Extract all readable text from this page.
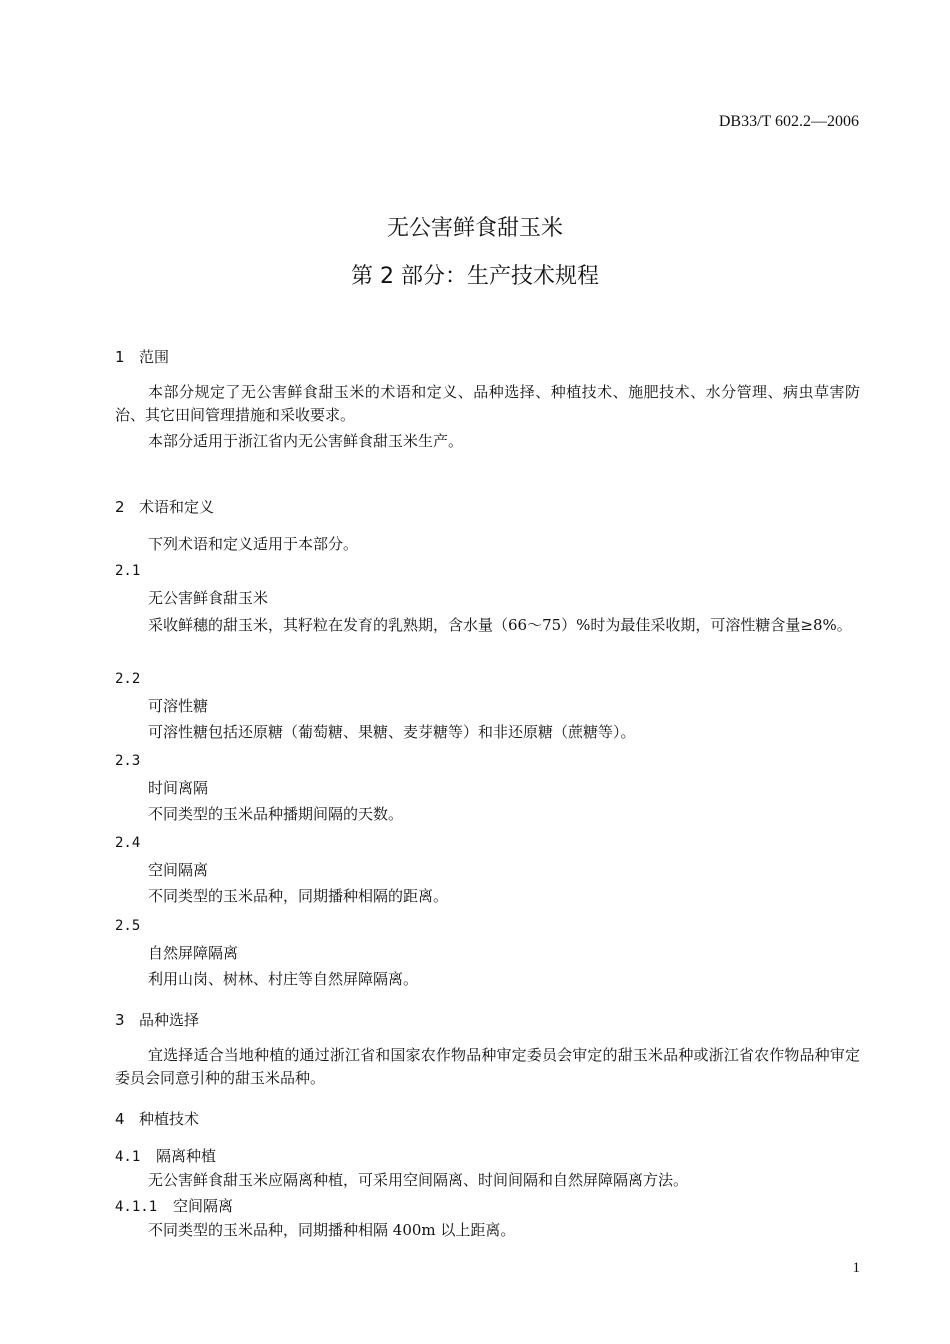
DB33/T 602.2—2006
无公害鲜食甜玉米
第 2 部分：生产技术规程
1 范围
本部分规定了无公害鲜食甜玉米的术语和定义、品种选择、种植技术、施肥技术、水分管理、病虫草害防治、其它田间管理措施和采收要求。
本部分适用于浙江省内无公害鲜食甜玉米生产。
2 术语和定义
下列术语和定义适用于本部分。
2.1
无公害鲜食甜玉米
采收鲜穗的甜玉米，其籽粒在发育的乳熟期，含水量（66～75）%时为最佳采收期，可溶性糖含量≥8%。
2.2
可溶性糖
可溶性糖包括还原糖（葡萄糖、果糖、麦芽糖等）和非还原糖（蔗糖等）。
2.3
时间离隔
不同类型的玉米品种播期间隔的天数。
2.4
空间隔离
不同类型的玉米品种，同期播种相隔的距离。
2.5
自然屏障隔离
利用山岗、树林、村庄等自然屏障隔离。
3 品种选择
宜选择适合当地种植的通过浙江省和国家农作物品种审定委员会审定的甜玉米品种或浙江省农作物品种审定委员会同意引种的甜玉米品种。
4 种植技术
4.1 隔离种植
无公害鲜食甜玉米应隔离种植，可采用空间隔离、时间间隔和自然屏障隔离方法。
4.1.1 空间隔离
不同类型的玉米品种，同期播种相隔 400m 以上距离。
1
